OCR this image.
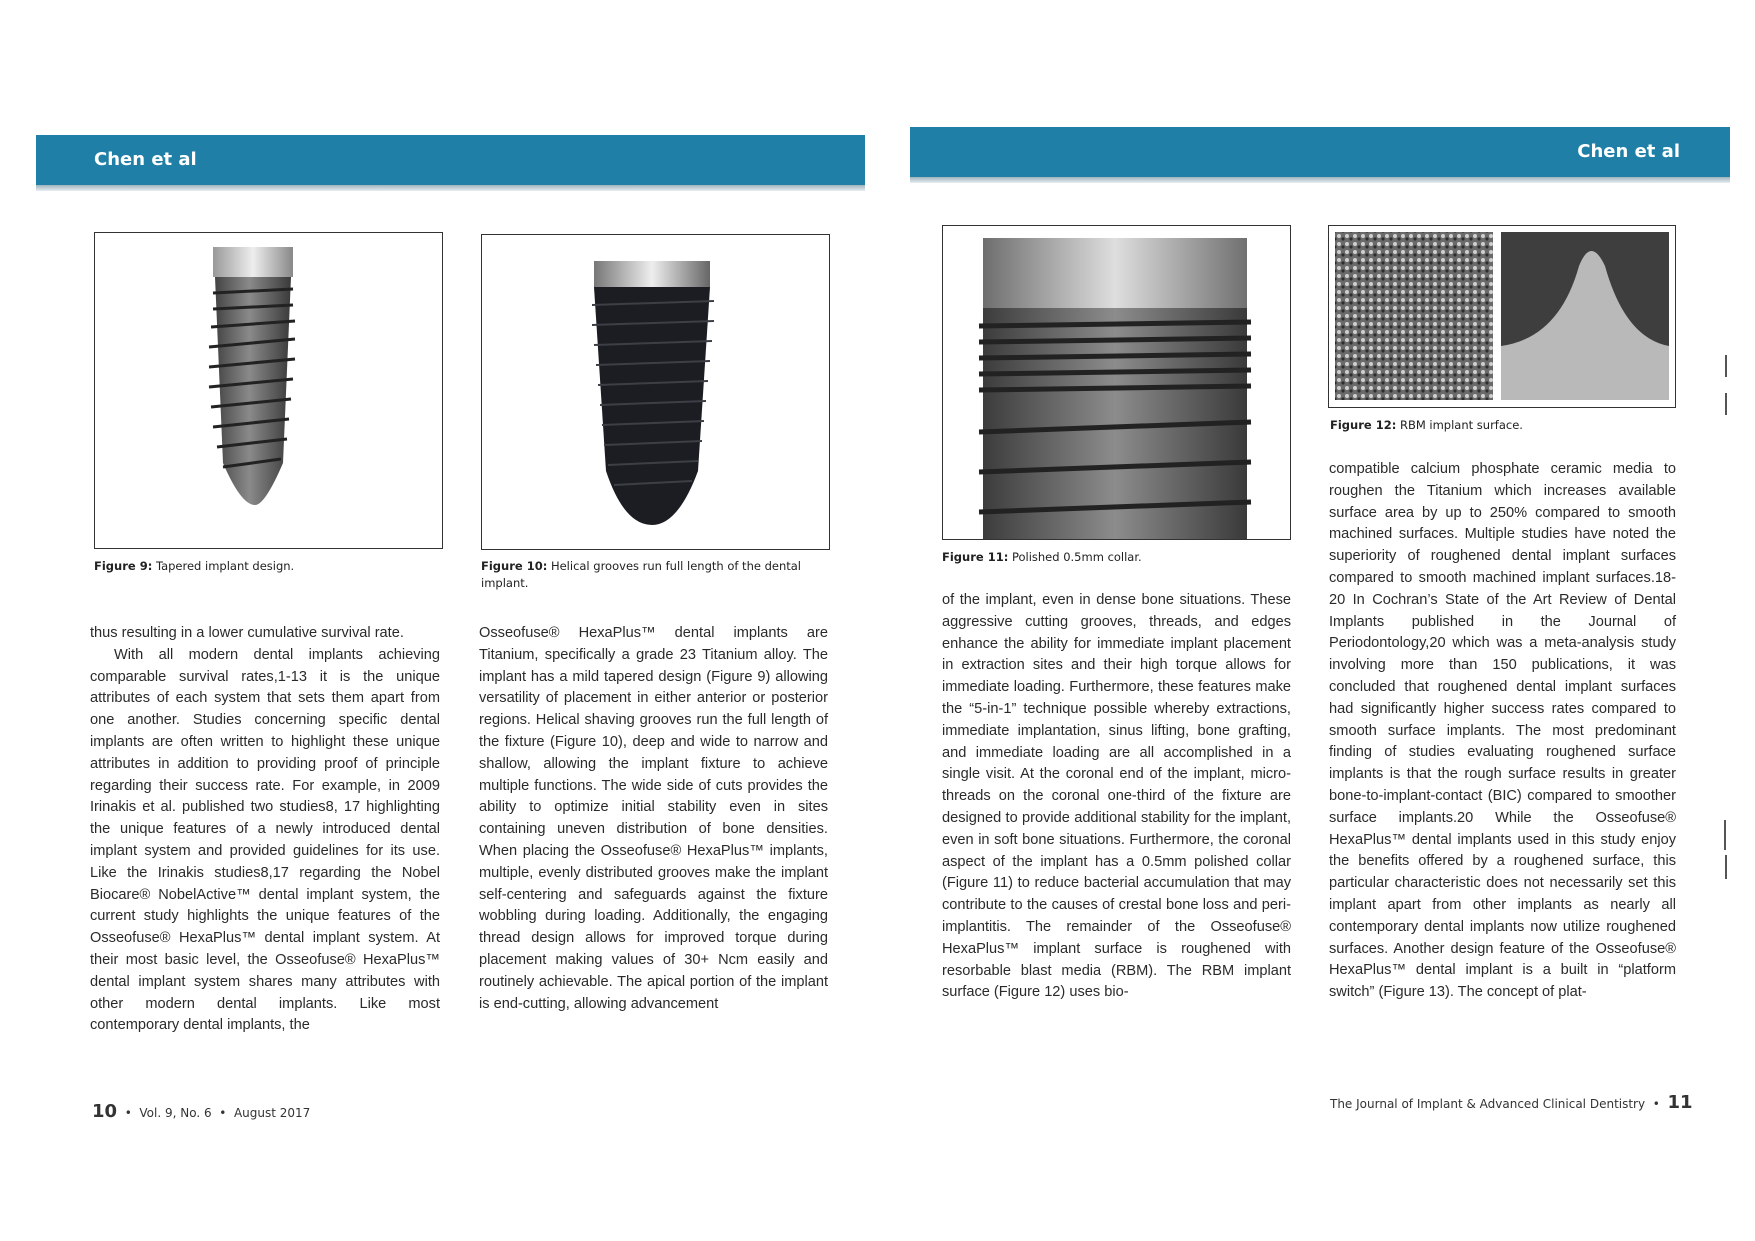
Chen et al	Chen et al
Figure 9: Tapered implant design.	Figure 10: Helical grooves run full length of the dental implant.
Figure 11: Polished 0.5mm collar.
Figure 12: RBM implant surface.

thus resulting in a lower cumulative survival rate.

With all modern dental implants achieving comparable survival rates,1-13 it is the unique attributes of each system that sets them apart from one another. Studies concerning specific dental implants are often written to highlight these unique attributes in addition to providing proof of principle regarding their success rate. For example, in 2009 Irinakis et al. published two studies8, 17 highlighting the unique features of a newly introduced dental implant system and provided guidelines for its use. Like the Irinakis studies8,17 regarding the Nobel Biocare® NobelActive™ dental implant system, the current study highlights the unique features of the Osseofuse® HexaPlus™ dental implant system. At their most basic level, the Osseofuse® HexaPlus™ dental implant system shares many attributes with other modern dental implants. Like most contemporary dental implants, the

Osseofuse® HexaPlus™ dental implants are Titanium, specifically a grade 23 Titanium alloy. The implant has a mild tapered design (Figure 9) allowing versatility of placement in either anterior or posterior regions. Helical shaving grooves run the full length of the fixture (Figure 10), deep and wide to narrow and shallow, allowing the implant fixture to achieve multiple functions. The wide side of cuts provides the ability to optimize initial stability even in sites containing uneven distribution of bone densities. When placing the Osseofuse® HexaPlus™ implants, multiple, evenly distributed grooves make the implant self-centering and safeguards against the fixture wobbling during loading. Additionally, the engaging thread design allows for improved torque during placement making values of 30+ Ncm easily and routinely achievable. The apical portion of the implant is end-cutting, allowing advancement

of the implant, even in dense bone situations. These aggressive cutting grooves, threads, and edges enhance the ability for immediate implant placement in extraction sites and their high torque allows for immediate loading. Furthermore, these features make the “5-in-1” technique possible whereby extractions, immediate implantation, sinus lifting, bone grafting, and immediate loading are all accomplished in a single visit. At the coronal end of the implant, micro-threads on the coronal one-third of the fixture are designed to provide additional stability for the implant, even in soft bone situations. Furthermore, the coronal aspect of the implant has a 0.5mm polished collar (Figure 11) to reduce bacterial accumulation that may contribute to the causes of crestal bone loss and peri-implantitis. The remainder of the Osseofuse® HexaPlus™ implant surface is roughened with resorbable blast media (RBM). The RBM implant surface (Figure 12) uses bio-

compatible calcium phosphate ceramic media to roughen the Titanium which increases available surface area by up to 250% compared to smooth machined surfaces. Multiple studies have noted the superiority of roughened dental implant surfaces compared to smooth machined implant surfaces.18-20 In Cochran’s State of the Art Review of Dental Implants published in the Journal of Periodontology,20 which was a meta-analysis study involving more than 150 publications, it was concluded that roughened dental implant surfaces had significantly higher success rates compared to smooth surface implants. The most predominant finding of studies evaluating roughened surface implants is that the rough surface results in greater bone-to-implant-contact (BIC) compared to smoother surface implants.20 While the Osseofuse® HexaPlus™ dental implants used in this study enjoy the benefits offered by a roughened surface, this particular characteristic does not necessarily set this implant apart from other implants as nearly all contemporary dental implants now utilize roughened surfaces. Another design feature of the Osseofuse® HexaPlus™ dental implant is a built in “platform switch” (Figure 13). The concept of plat-

10  •  Vol. 9, No. 6  •  August 2017
The Journal of Implant & Advanced Clinical Dentistry  •  11
